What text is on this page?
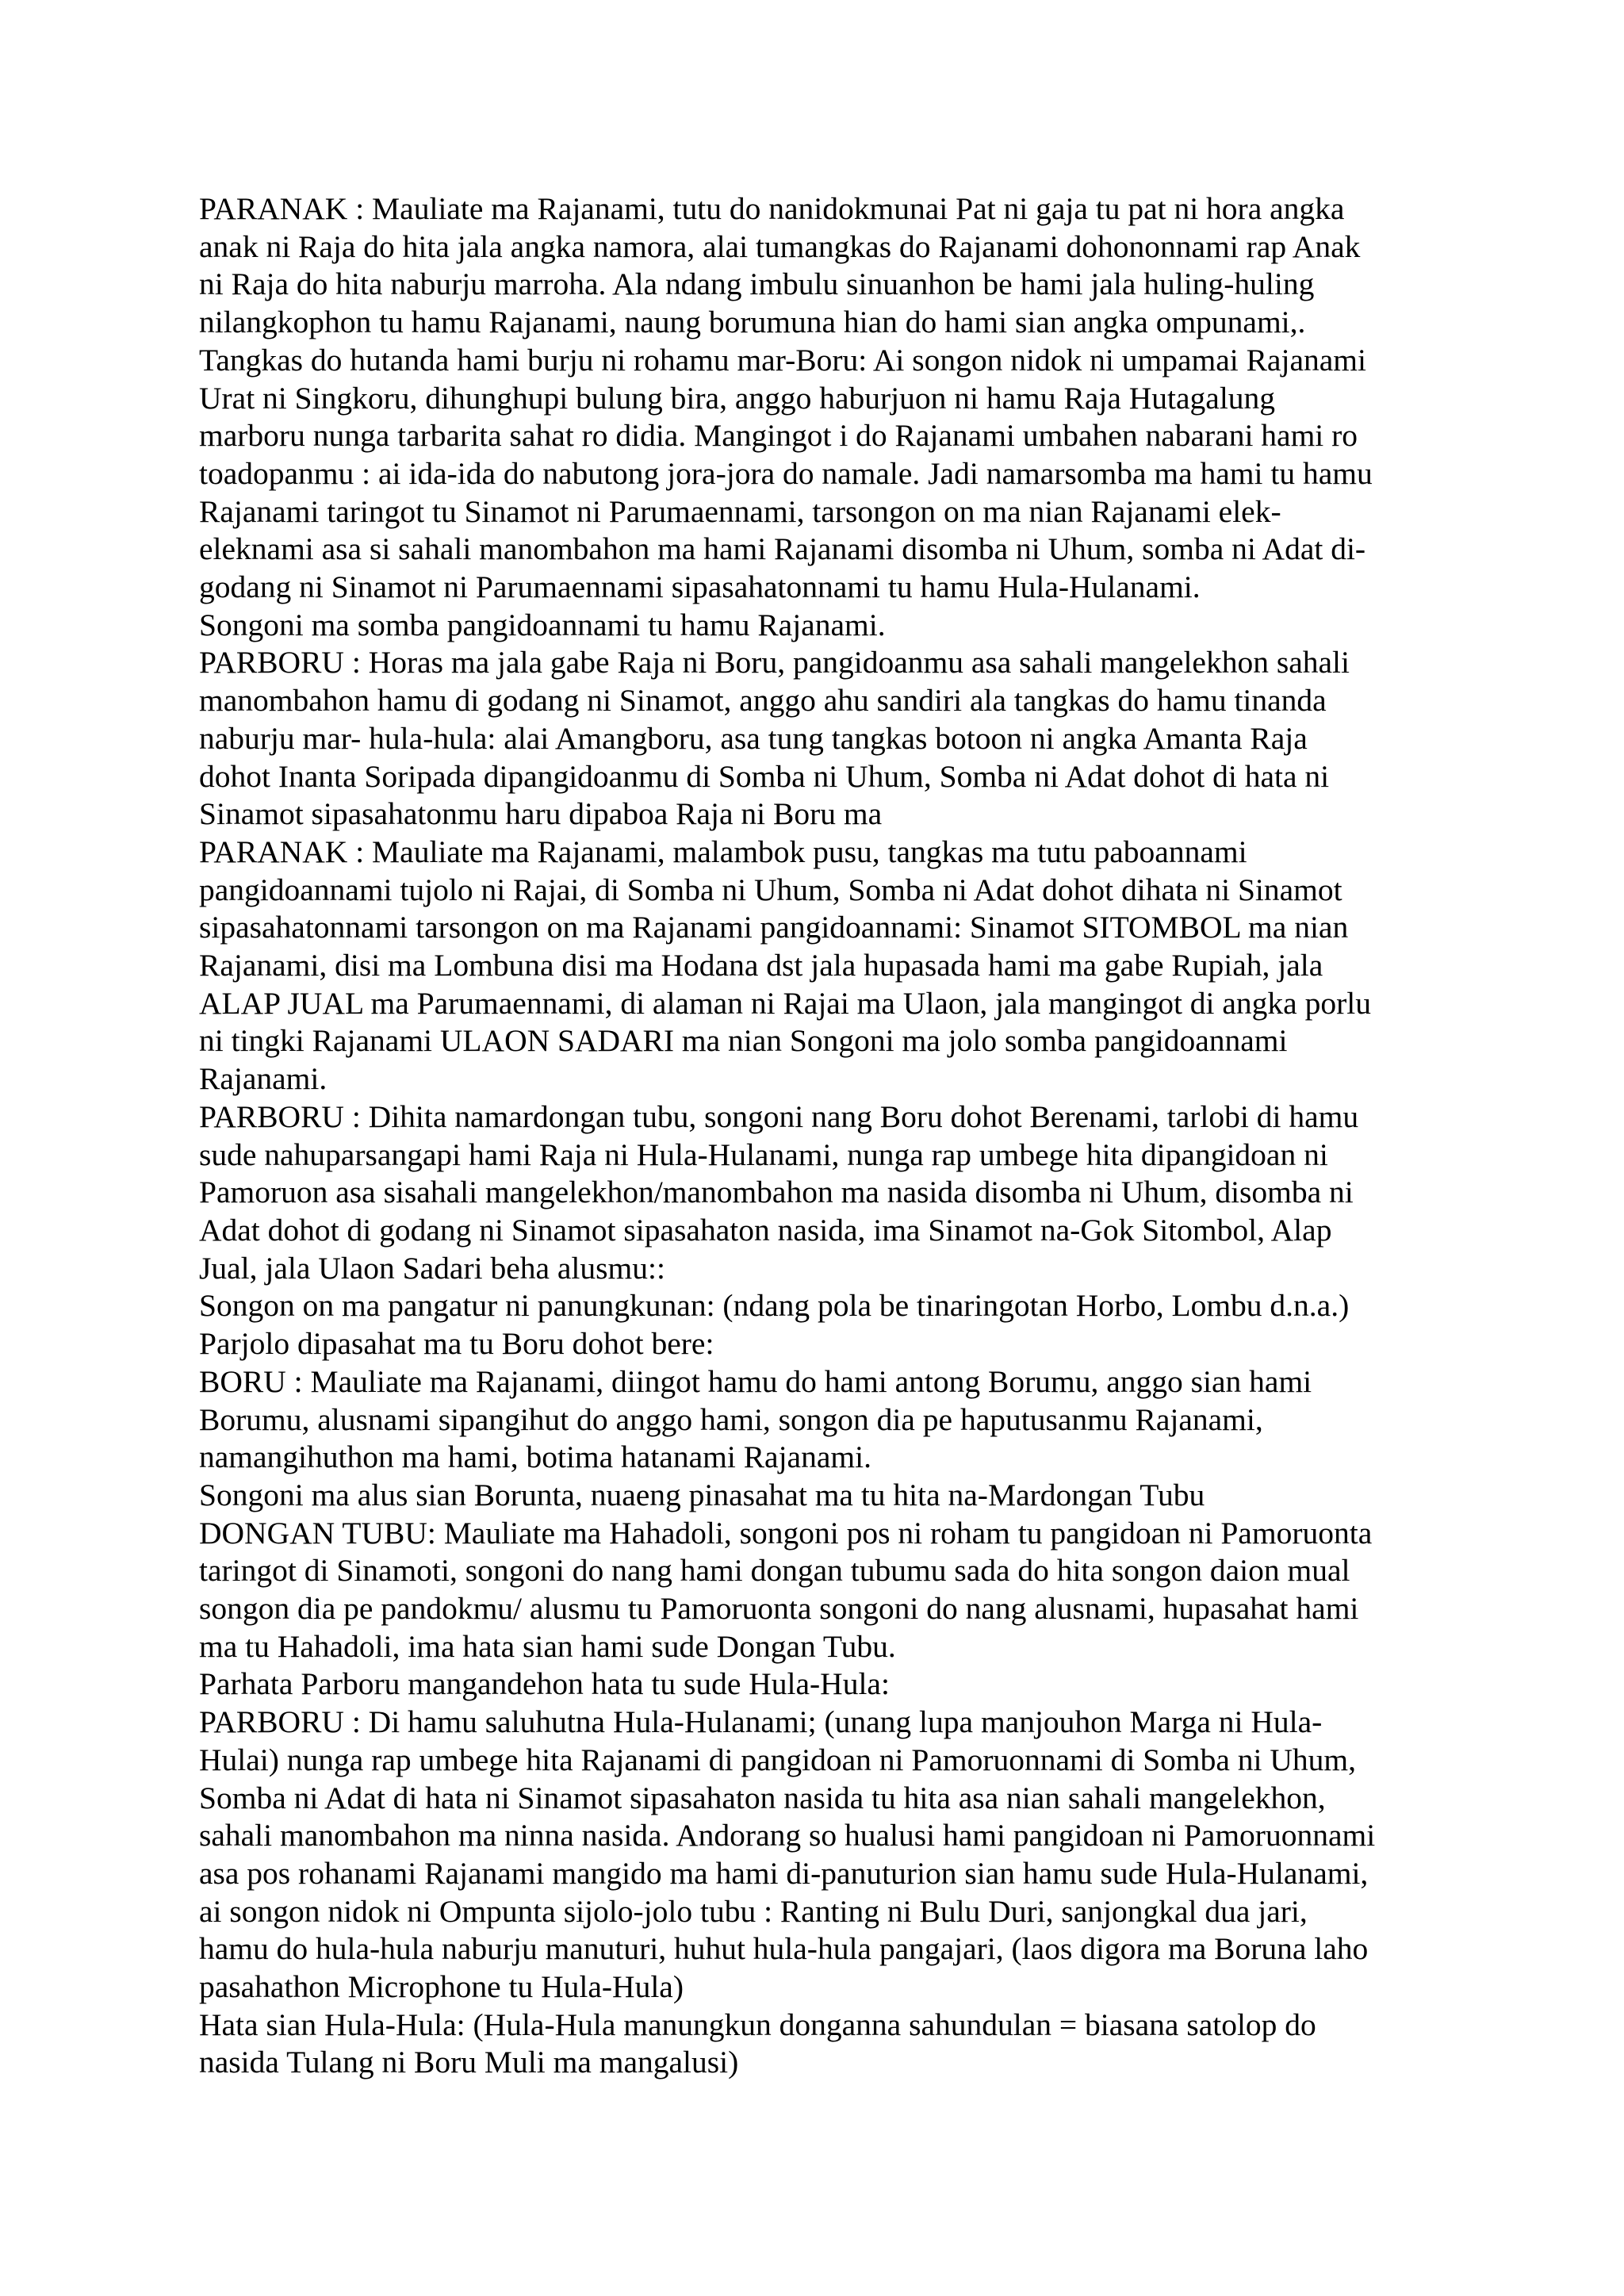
PARANAK : Mauliate ma Rajanami, tutu do nanidokmunai Pat ni gaja tu pat ni hora angka
anak ni Raja do hita jala angka namora, alai tumangkas do Rajanami dohononnami rap Anak
ni Raja do hita naburju marroha. Ala ndang imbulu sinuanhon be hami jala huling-huling
nilangkophon tu hamu Rajanami, naung borumuna hian do hami sian angka ompunami,.
Tangkas do hutanda hami burju ni rohamu mar-Boru: Ai songon nidok ni umpamai Rajanami
Urat ni Singkoru, dihunghupi bulung bira, anggo haburjuon ni hamu Raja Hutagalung
marboru nunga tarbarita sahat ro didia. Mangingot i do Rajanami umbahen nabarani hami ro
toadopanmu : ai ida-ida do nabutong jora-jora do namale. Jadi namarsomba ma hami tu hamu
Rajanami taringot tu Sinamot ni Parumaennami, tarsongon on ma nian Rajanami elek-
eleknami asa si sahali manombahon ma hami Rajanami disomba ni Uhum, somba ni Adat di-
godang ni Sinamot ni Parumaennami sipasahatonnami tu hamu Hula-Hulanami.

Songoni ma somba pangidoannami tu hamu Rajanami.

PARBORU : Horas ma jala gabe Raja ni Boru, pangidoanmu asa sahali mangelekhon sahali
manombahon hamu di godang ni Sinamot, anggo ahu sandiri ala tangkas do hamu tinanda
naburju mar- hula-hula: alai Amangboru, asa tung tangkas botoon ni angka Amanta Raja
dohot Inanta Soripada dipangidoanmu di Somba ni Uhum, Somba ni Adat dohot di hata ni
Sinamot sipasahatonmu haru dipaboa Raja ni Boru ma

PARANAK : Mauliate ma Rajanami, malambok pusu, tangkas ma tutu paboannami
pangidoannami tujolo ni Rajai, di Somba ni Uhum, Somba ni Adat dohot dihata ni Sinamot
sipasahatonnami tarsongon on ma Rajanami pangidoannami: Sinamot SITOMBOL ma nian
Rajanami, disi ma Lombuna disi ma Hodana dst jala hupasada hami ma gabe Rupiah, jala
ALAP JUAL ma Parumaennami, di alaman ni Rajai ma Ulaon, jala mangingot di angka porlu
ni tingki Rajanami ULAON SADARI ma nian Songoni ma jolo somba pangidoannami
Rajanami.

PARBORU : Dihita namardongan tubu, songoni nang Boru dohot Berenami, tarlobi di hamu
sude nahuparsangapi hami Raja ni Hula-Hulanami, nunga rap umbege hita dipangidoan ni
Pamoruon asa sisahali mangelekhon/manombahon ma nasida disomba ni Uhum, disomba ni
Adat dohot di godang ni Sinamot sipasahaton nasida, ima Sinamot na-Gok Sitombol, Alap
Jual, jala Ulaon Sadari beha alusmu::

Songon on ma pangatur ni panungkunan: (ndang pola be tinaringotan Horbo, Lombu d.n.a.)

Parjolo dipasahat ma tu Boru dohot bere:

BORU : Mauliate ma Rajanami, diingot hamu do hami antong Borumu, anggo sian hami
Borumu, alusnami sipangihut do anggo hami, songon dia pe haputusanmu Rajanami,
namangihuthon ma hami, botima hatanami Rajanami.

Songoni ma alus sian Borunta, nuaeng pinasahat ma tu hita na-Mardongan Tubu

DONGAN TUBU: Mauliate ma Hahadoli, songoni pos ni roham tu pangidoan ni Pamoruonta
taringot di Sinamoti, songoni do nang hami dongan tubumu sada do hita songon daion mual
songon dia pe pandokmu/ alusmu tu Pamoruonta songoni do nang alusnami, hupasahat hami
ma tu Hahadoli, ima hata sian hami sude Dongan Tubu.

Parhata Parboru mangandehon hata tu sude Hula-Hula:

PARBORU : Di hamu saluhutna Hula-Hulanami; (unang lupa manjouhon Marga ni Hula-
Hulai) nunga rap umbege hita Rajanami di pangidoan ni Pamoruonnami di Somba ni Uhum,
Somba ni Adat di hata ni Sinamot sipasahaton nasida tu hita asa nian sahali mangelekhon,
sahali manombahon ma ninna nasida. Andorang so hualusi hami pangidoan ni Pamoruonnami
asa pos rohanami Rajanami mangido ma hami di-panuturion sian hamu sude Hula-Hulanami,
ai songon nidok ni Ompunta sijolo-jolo tubu : Ranting ni Bulu Duri, sanjongkal dua jari,
hamu do hula-hula naburju manuturi, huhut hula-hula pangajari, (laos digora ma Boruna laho
pasahathon Microphone tu Hula-Hula)

Hata sian Hula-Hula: (Hula-Hula manungkun donganna sahundulan = biasana satolop do
nasida Tulang ni Boru Muli ma mangalusi)
